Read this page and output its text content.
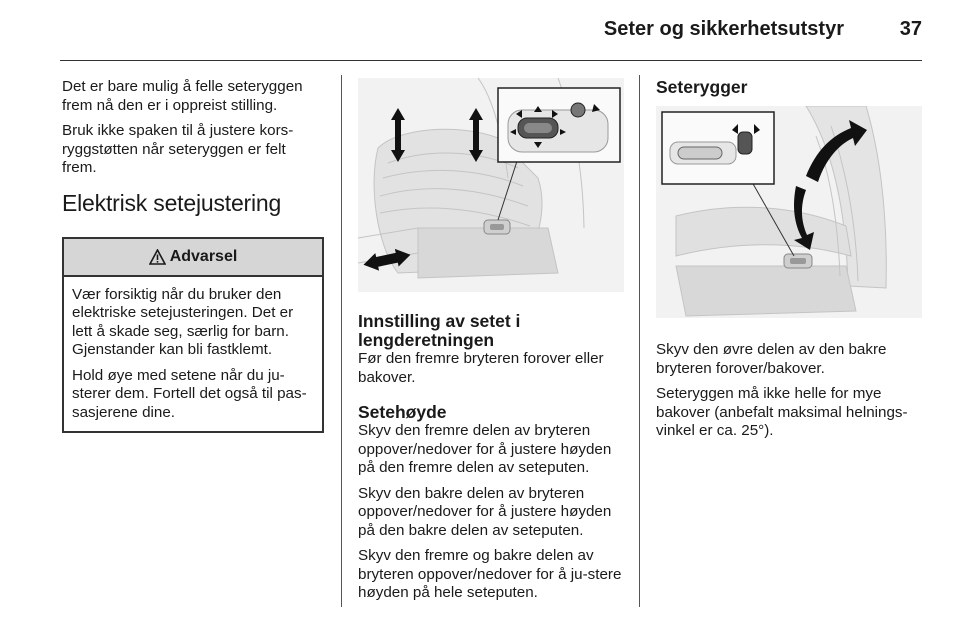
Seter og sikkerhetsutstyr	37

Det er bare mulig å felle seteryggen frem nå den er i oppreist stilling.

Bruk ikke spaken til å justere kors-ryggstøtten når seteryggen er felt frem.

Elektrisk setejustering
Advarsel

Vær forsiktig når du bruker den elektriske setejusteringen. Det er lett å skade seg, særlig for barn. Gjenstander kan bli fastklemt.

Hold øye med setene når du ju-sterer dem. Fortell det også til pas-sasjerene dine.

Innstilling av setet i lengderetningen

Før den fremre bryteren forover eller bakover.

Setehøyde

Skyv den fremre delen av bryteren oppover/nedover for å justere høyden på den fremre delen av seteputen.

Skyv den bakre delen av bryteren oppover/nedover for å justere høyden på den bakre delen av seteputen.

Skyv den fremre og bakre delen av bryteren oppover/nedover for å ju-stere høyden på hele seteputen.

Seterygger

Skyv den øvre delen av den bakre bryteren forover/bakover.

Seteryggen må ikke helle for mye bakover (anbefalt maksimal helnings-vinkel er ca. 25°).
